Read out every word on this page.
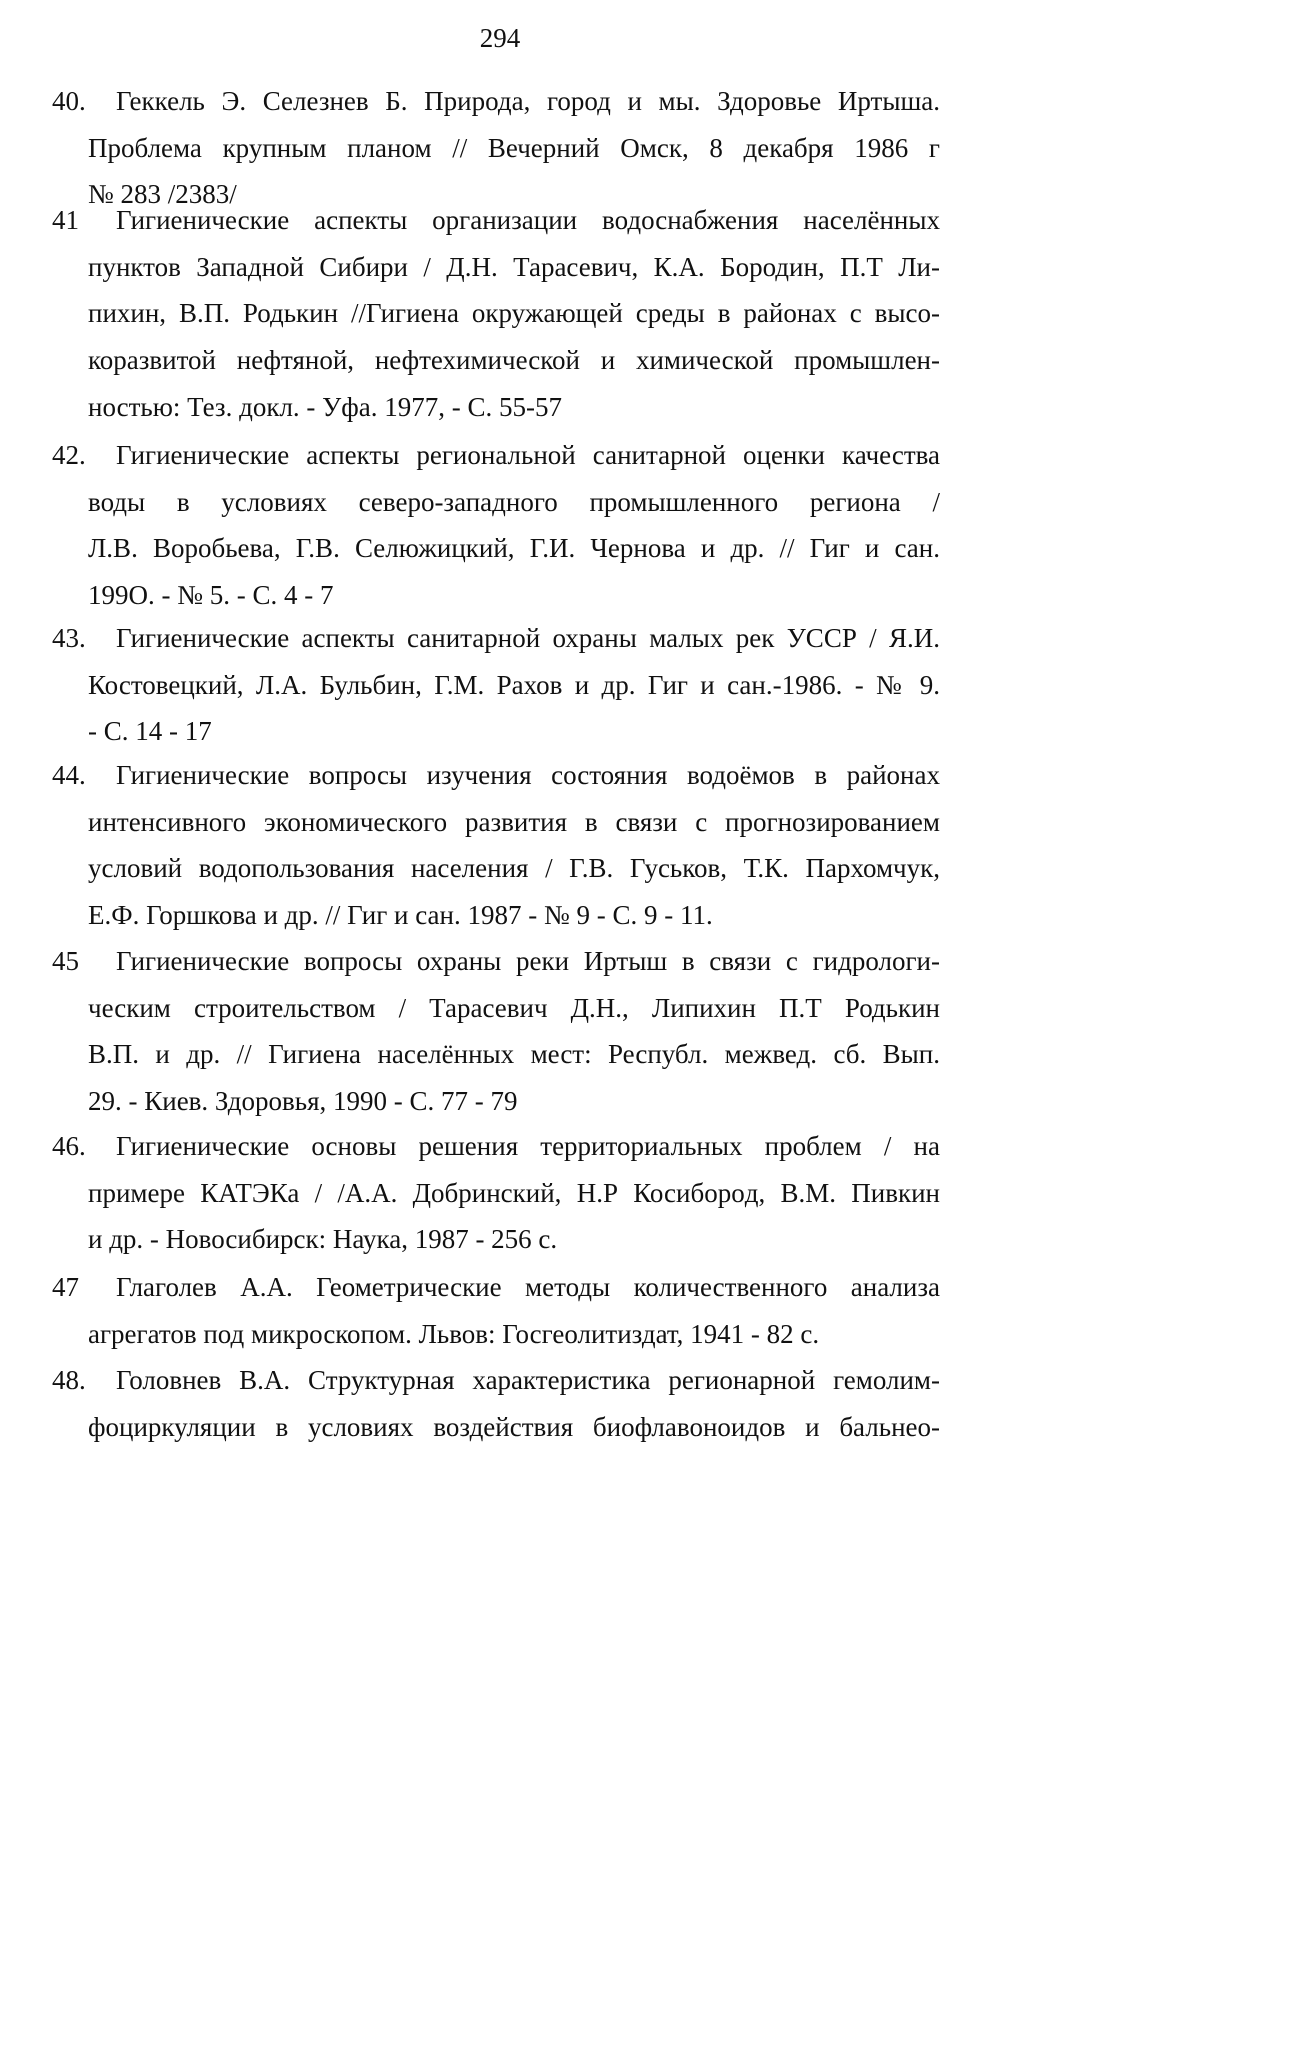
294
40. Геккель Э. Селезнев Б. Природа, город и мы. Здоровье Иртыша.
Проблема крупным планом // Вечерний Омск, 8 декабря 1986 г
№ 283 /2383/
41 Гигиенические аспекты организации водоснабжения населённых
пунктов Западной Сибири / Д.Н. Тарасевич, К.А. Бородин, П.Т Ли-
пихин, В.П. Родькин //Гигиена окружающей среды в районах с высо-
коразвитой нефтяной, нефтехимической и химической промышлен-
ностью: Тез. докл. - Уфа. 1977, - С. 55-57
42. Гигиенические аспекты региональной санитарной оценки качества
воды в условиях северо-западного промышленного региона /
Л.В. Воробьева, Г.В. Селюжицкий, Г.И. Чернова и др. // Гиг и сан.
199O. - № 5. - С. 4 - 7
43. Гигиенические аспекты санитарной охраны малых рек УССР / Я.И.
Костовецкий, Л.А. Бульбин, Г.М. Рахов и др. Гиг и сан.-1986. - № 9.
- С. 14 - 17
44. Гигиенические вопросы изучения состояния водоёмов в районах
интенсивного экономического развития в связи с прогнозированием
условий водопользования населения / Г.В. Гуськов, Т.К. Пархомчук,
Е.Ф. Горшкова и др. // Гиг и сан. 1987 - № 9 - С. 9 - 11.
45 Гигиенические вопросы охраны реки Иртыш в связи с гидрологи-
ческим строительством / Тарасевич Д.Н., Липихин П.Т Родькин
В.П. и др. // Гигиена населённых мест: Республ. межвед. сб. Вып.
29. - Киев. Здоровья, 1990 - С. 77 - 79
46. Гигиенические основы решения территориальных проблем / на
примере КАТЭКа / /А.А. Добринский, Н.Р Косиборoд, В.М. Пивкин
и др. - Новосибирск: Наука, 1987 - 256 с.
47 Глаголев А.А. Геометрические методы количественного анализа
агрегатов под микроскопом. Львов: Госгеолитиздат, 1941 - 82 с.
48. Головнев В.А. Структурная характеристика регионарной гемолим-
фоциркуляции в условиях воздействия биофлавоноидов и бальнео-
